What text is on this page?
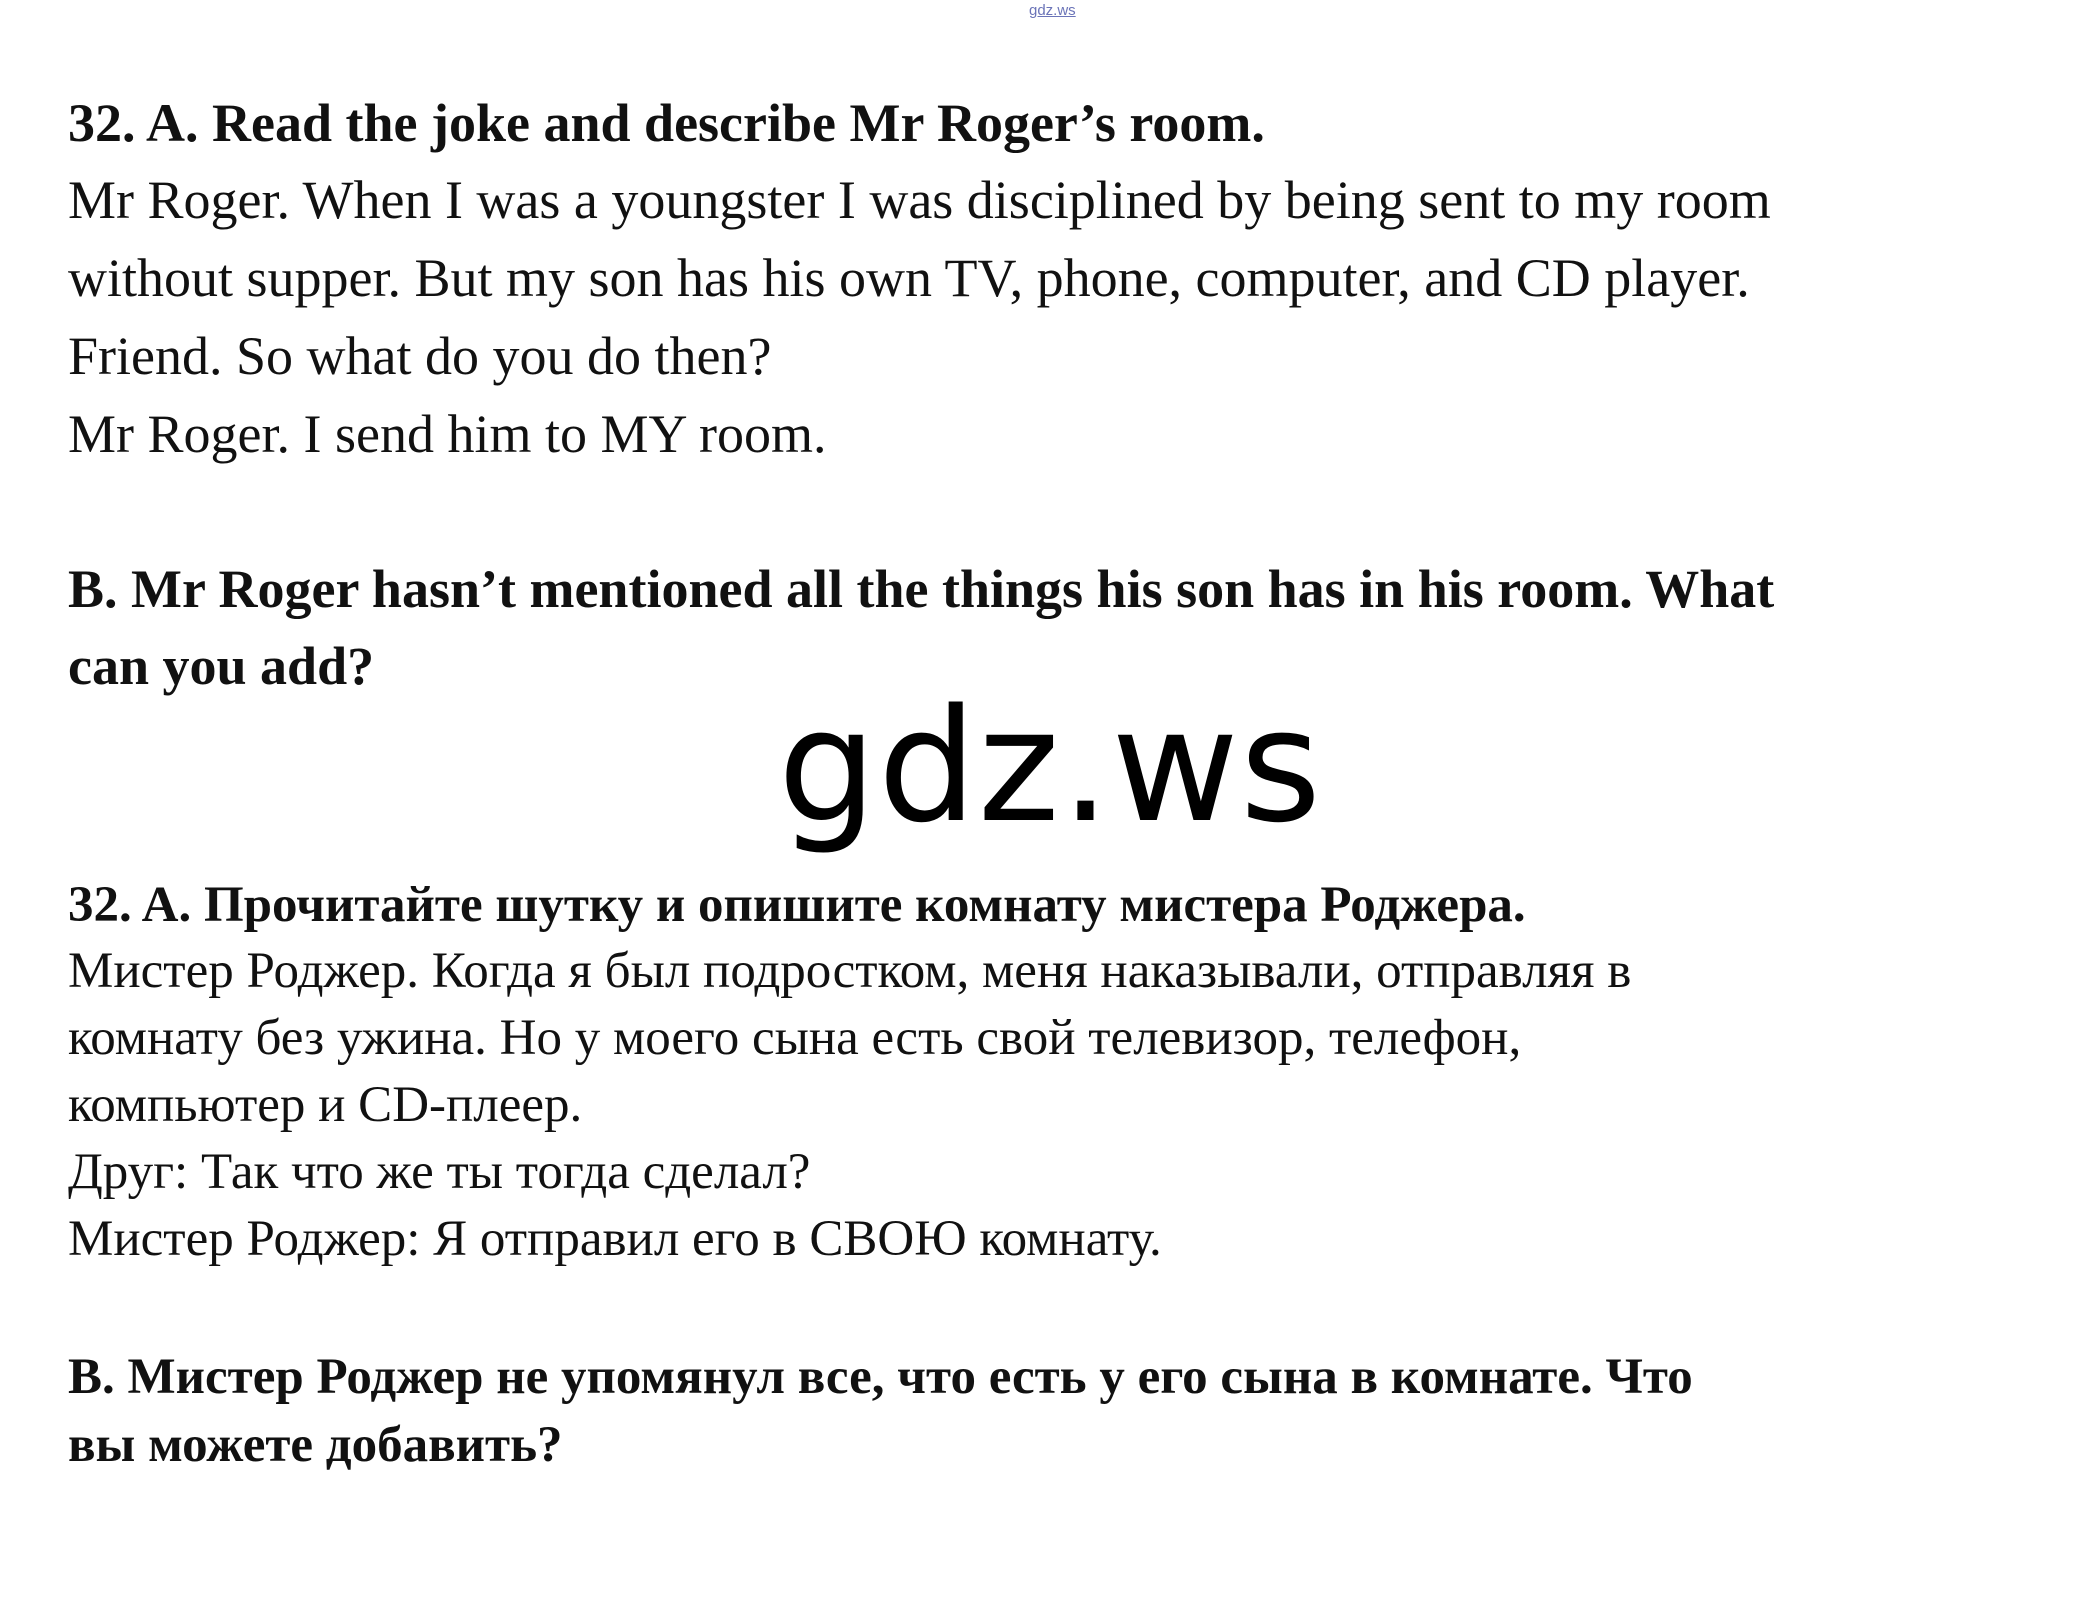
gdz.ws
32. A. Read the joke and describe Mr Roger’s room.
Mr Roger. When I was a youngster I was disciplined by being sent to my room
without supper. But my son has his own TV, phone, computer, and CD player.
Friend. So what do you do then?
Mr Roger. I send him to MY room.
B. Mr Roger hasn’t mentioned all the things his son has in his room. What
can you add?
gdz.ws
32. A. Прочитайте шутку и опишите комнату мистера Роджера.
Мистер Роджер. Когда я был подростком, меня наказывали, отправляя в
комнату без ужина. Но у моего сына есть свой телевизор, телефон,
компьютер и CD-плеер.
Друг: Так что же ты тогда сделал?
Мистер Роджер: Я отправил его в СВОЮ комнату.
B. Мистер Роджер не упомянул все, что есть у его сына в комнате. Что
вы можете добавить?
